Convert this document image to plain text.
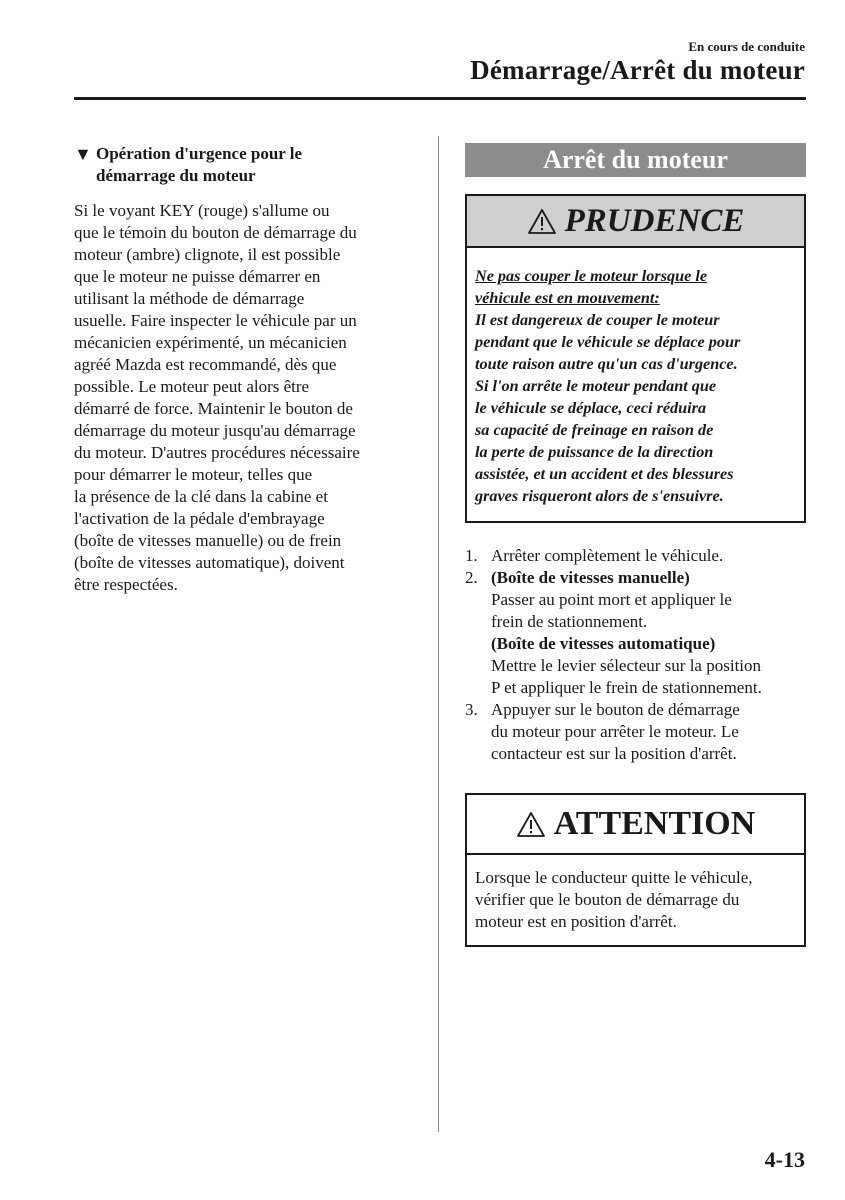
En cours de conduite
Démarrage/Arrêt du moteur
▼ Opération d'urgence pour le
démarrage du moteur
Si le voyant KEY (rouge) s'allume ou
que le témoin du bouton de démarrage du
moteur (ambre) clignote, il est possible
que le moteur ne puisse démarrer en
utilisant la méthode de démarrage
usuelle. Faire inspecter le véhicule par un
mécanicien expérimenté, un mécanicien
agréé Mazda est recommandé, dès que
possible. Le moteur peut alors être
démarré de force. Maintenir le bouton de
démarrage du moteur jusqu'au démarrage
du moteur. D'autres procédures nécessaire
pour démarrer le moteur, telles que
la présence de la clé dans la cabine et
l'activation de la pédale d'embrayage
(boîte de vitesses manuelle) ou de frein
(boîte de vitesses automatique), doivent
être respectées.
Arrêt du moteur
PRUDENCE
Ne pas couper le moteur lorsque le
véhicule est en mouvement:
Il est dangereux de couper le moteur
pendant que le véhicule se déplace pour
toute raison autre qu'un cas d'urgence.
Si l'on arrête le moteur pendant que
le véhicule se déplace, ceci réduira
sa capacité de freinage en raison de
la perte de puissance de la direction
assistée, et un accident et des blessures
graves risqueront alors de s'ensuivre.
1. Arrêter complètement le véhicule.
2. (Boîte de vitesses manuelle)
Passer au point mort et appliquer le
frein de stationnement.
(Boîte de vitesses automatique)
Mettre le levier sélecteur sur la position
P et appliquer le frein de stationnement.
3. Appuyer sur le bouton de démarrage
du moteur pour arrêter le moteur. Le
contacteur est sur la position d'arrêt.
ATTENTION
Lorsque le conducteur quitte le véhicule,
vérifier que le bouton de démarrage du
moteur est en position d'arrêt.
4-13
